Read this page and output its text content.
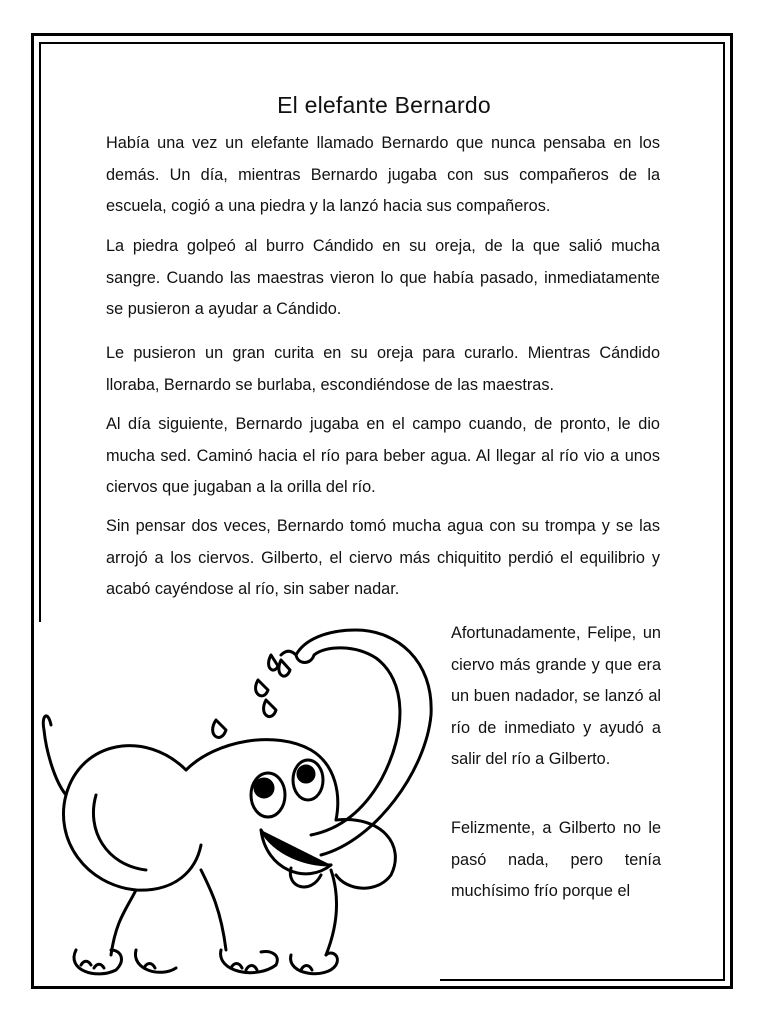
El elefante Bernardo

Había una vez un elefante llamado Bernardo que nunca pensaba en los demás. Un día, mientras Bernardo jugaba con sus compañeros de la escuela, cogió a una piedra y la lanzó hacia sus compañeros.

La piedra golpeó al burro Cándido en su oreja, de la que salió mucha sangre. Cuando las maestras vieron lo que había pasado, inmediatamente se pusieron a ayudar a Cándido.

Le pusieron un gran curita en su oreja para curarlo. Mientras Cándido lloraba, Bernardo se burlaba, escondiéndose de las maestras.

Al día siguiente, Bernardo jugaba en el campo cuando, de pronto, le dio mucha sed. Caminó hacia el río para beber agua. Al llegar al río vio a unos ciervos que jugaban a la orilla del río.

Sin pensar dos veces, Bernardo tomó mucha agua con su trompa y se las arrojó a los ciervos. Gilberto, el ciervo más chiquitito perdió el equilibrio y acabó cayéndose al río, sin saber nadar.

Afortunadamente, Felipe, un ciervo más grande y que era un buen nadador, se lanzó al río de inmediato y ayudó a salir del río a Gilberto.

Felizmente, a Gilberto no le pasó nada, pero tenía muchísimo frío porque el
